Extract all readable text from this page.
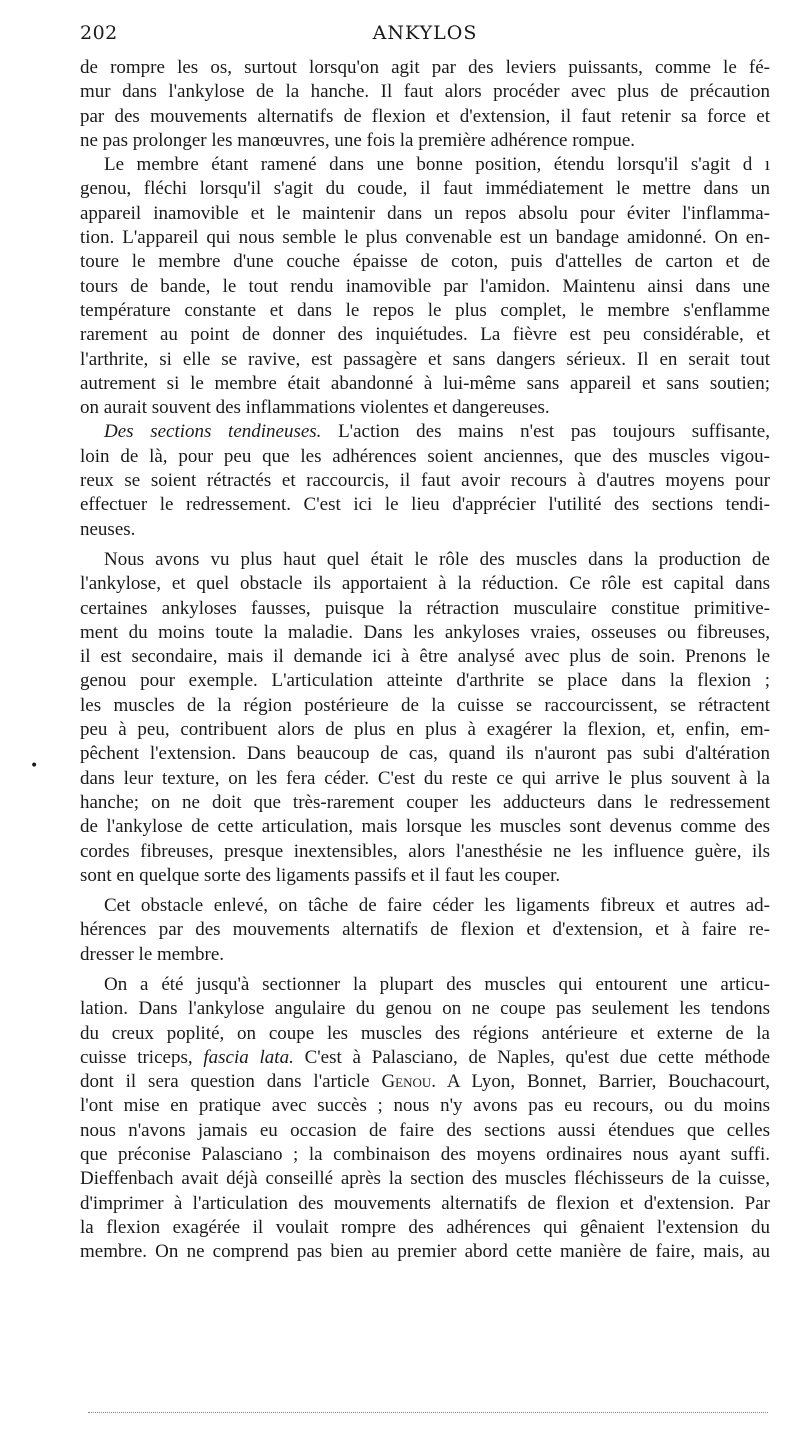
202	ANKYLOS

de rompre les os, surtout lorsqu'on agit par des leviers puissants, comme le fé-
mur dans l'ankylose de la hanche. Il faut alors procéder avec plus de précaution
par des mouvements alternatifs de flexion et d'extension, il faut retenir sa force et
ne pas prolonger les manœuvres, une fois la première adhérence rompue.

Le membre étant ramené dans une bonne position, étendu lorsqu'il s'agit d ı
genou, fléchi lorsqu'il s'agit du coude, il faut immédiatement le mettre dans un
appareil inamovible et le maintenir dans un repos absolu pour éviter l'inflamma-
tion. L'appareil qui nous semble le plus convenable est un bandage amidonné. On en-
toure le membre d'une couche épaisse de coton, puis d'attelles de carton et de
tours de bande, le tout rendu inamovible par l'amidon. Maintenu ainsi dans une
température constante et dans le repos le plus complet, le membre s'enflamme
rarement au point de donner des inquiétudes. La fièvre est peu considérable, et
l'arthrite, si elle se ravive, est passagère et sans dangers sérieux. Il en serait tout
autrement si le membre était abandonné à lui-même sans appareil et sans soutien;
on aurait souvent des inflammations violentes et dangereuses.

Des sections tendineuses. L'action des mains n'est pas toujours suffisante,
loin de là, pour peu que les adhérences soient anciennes, que des muscles vigou-
reux se soient rétractés et raccourcis, il faut avoir recours à d'autres moyens pour
effectuer le redressement. C'est ici le lieu d'apprécier l'utilité des sections tendi-
neuses.

Nous avons vu plus haut quel était le rôle des muscles dans la production de
l'ankylose, et quel obstacle ils apportaient à la réduction. Ce rôle est capital dans
certaines ankyloses fausses, puisque la rétraction musculaire constitue primitive-
ment du moins toute la maladie. Dans les ankyloses vraies, osseuses ou fibreuses,
il est secondaire, mais il demande ici à être analysé avec plus de soin. Prenons le
genou pour exemple. L'articulation atteinte d'arthrite se place dans la flexion ;
les muscles de la région postérieure de la cuisse se raccourcissent, se rétractent
peu à peu, contribuent alors de plus en plus à exagérer la flexion, et, enfin, em-
pêchent l'extension. Dans beaucoup de cas, quand ils n'auront pas subi d'altération
dans leur texture, on les fera céder. C'est du reste ce qui arrive le plus souvent à la
hanche; on ne doit que très-rarement couper les adducteurs dans le redressement
de l'ankylose de cette articulation, mais lorsque les muscles sont devenus comme des
cordes fibreuses, presque inextensibles, alors l'anesthésie ne les influence guère, ils
sont en quelque sorte des ligaments passifs et il faut les couper.

Cet obstacle enlevé, on tâche de faire céder les ligaments fibreux et autres ad-
hérences par des mouvements alternatifs de flexion et d'extension, et à faire re-
dresser le membre.

On a été jusqu'à sectionner la plupart des muscles qui entourent une articu-
lation. Dans l'ankylose angulaire du genou on ne coupe pas seulement les tendons
du creux poplité, on coupe les muscles des régions antérieure et externe de la
cuisse triceps, fascia lata. C'est à Palasciano, de Naples, qu'est due cette méthode
dont il sera question dans l'article Genou. A Lyon, Bonnet, Barrier, Bouchacourt,
l'ont mise en pratique avec succès ; nous n'y avons pas eu recours, ou du moins
nous n'avons jamais eu occasion de faire des sections aussi étendues que celles
que préconise Palasciano ; la combinaison des moyens ordinaires nous ayant suffi.
Dieffenbach avait déjà conseillé après la section des muscles fléchisseurs de la cuisse,
d'imprimer à l'articulation des mouvements alternatifs de flexion et d'extension. Par
la flexion exagérée il voulait rompre des adhérences qui gênaient l'extension du
membre. On ne comprend pas bien au premier abord cette manière de faire, mais, au

•
